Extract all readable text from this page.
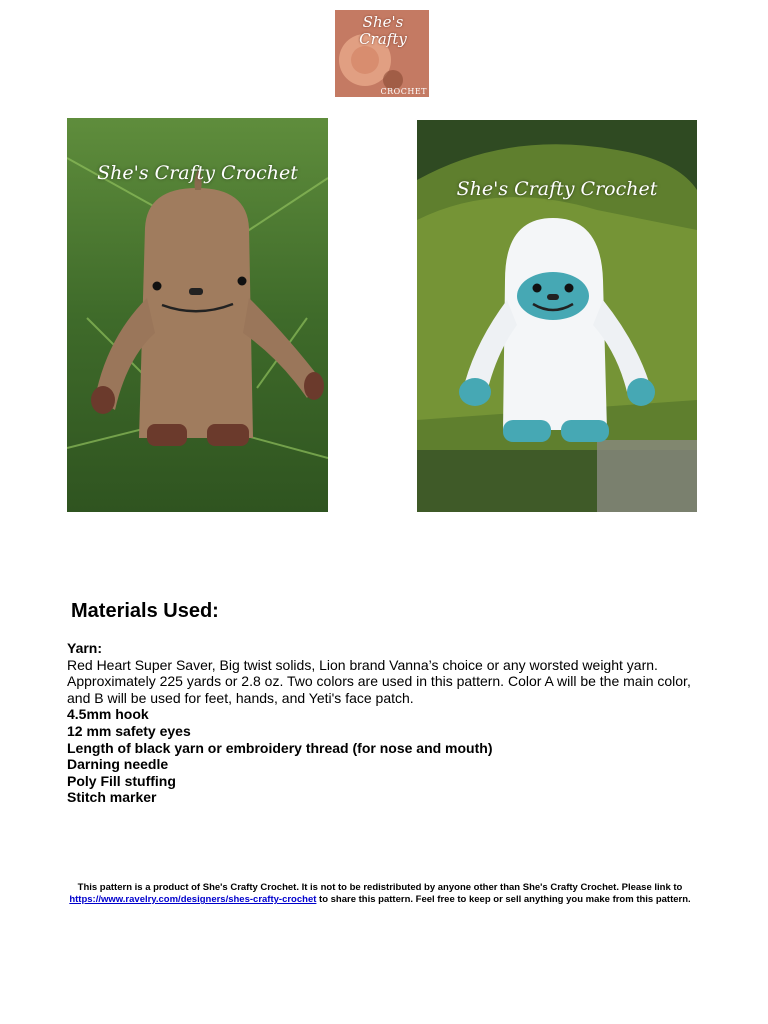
She's Crafty
CROCHET
She's Crafty Crochet
She's Crafty Crochet
Materials Used:
Yarn:
Red Heart Super Saver, Big twist solids, Lion brand Vanna’s choice or any worsted weight yarn.
Approximately 225 yards or 2.8 oz. Two colors are used in this pattern. Color A will be the main color,
and B will be used for feet, hands, and Yeti's face patch.
4.5mm hook
12 mm safety eyes
Length of black yarn or embroidery thread (for nose and mouth)
Darning needle
Poly Fill stuffing
Stitch marker
This pattern is a product of She's Crafty Crochet. It is not to be redistributed by anyone other than She's Crafty Crochet. Please link to
https://www.ravelry.com/designers/shes-crafty-crochet to share this pattern. Feel free to keep or sell anything you make from this pattern.
